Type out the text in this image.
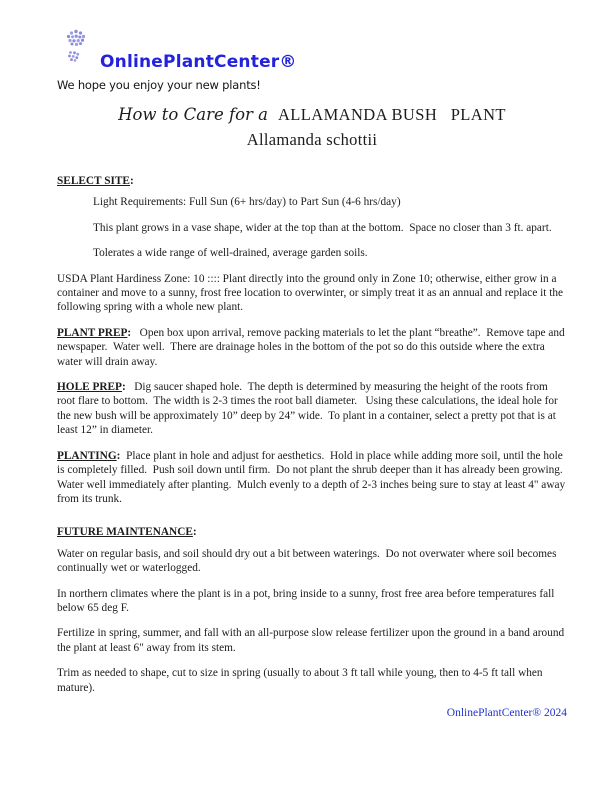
OnlinePlantCenter®
We hope you enjoy your new plants!
How to Care for a ALLAMANDA BUSH   PLANT
Allamanda schottii

SELECT SITE:

Light Requirements: Full Sun (6+ hrs/day) to Part Sun (4-6 hrs/day)

This plant grows in a vase shape, wider at the top than at the bottom.  Space no closer than 3 ft. apart.

Tolerates a wide range of well-drained, average garden soils.

USDA Plant Hardiness Zone: 10 :::: Plant directly into the ground only in Zone 10; otherwise, either grow in a container and move to a sunny, frost free location to overwinter, or simply treat it as an annual and replace it the following spring with a whole new plant.

PLANT PREP:   Open box upon arrival, remove packing materials to let the plant “breathe”.  Remove tape and newspaper.  Water well.  There are drainage holes in the bottom of the pot so do this outside where the extra water will drain away.

HOLE PREP:   Dig saucer shaped hole.  The depth is determined by measuring the height of the roots from root flare to bottom.  The width is 2-3 times the root ball diameter.   Using these calculations, the ideal hole for the new bush will be approximately 10” deep by 24” wide.  To plant in a container, select a pretty pot that is at least 12” in diameter.

PLANTING:  Place plant in hole and adjust for aesthetics.  Hold in place while adding more soil, until the hole is completely filled.  Push soil down until firm.  Do not plant the shrub deeper than it has already been growing.  Water well immediately after planting.  Mulch evenly to a depth of 2-3 inches being sure to stay at least 4" away from its trunk.

FUTURE MAINTENANCE:

Water on regular basis, and soil should dry out a bit between waterings.  Do not overwater where soil becomes continually wet or waterlogged.

In northern climates where the plant is in a pot, bring inside to a sunny, frost free area before temperatures fall below 65 deg F.

Fertilize in spring, summer, and fall with an all-purpose slow release fertilizer upon the ground in a band around the plant at least 6" away from its stem.

Trim as needed to shape, cut to size in spring (usually to about 3 ft tall while young, then to 4-5 ft tall when mature).

OnlinePlantCenter® 2024
